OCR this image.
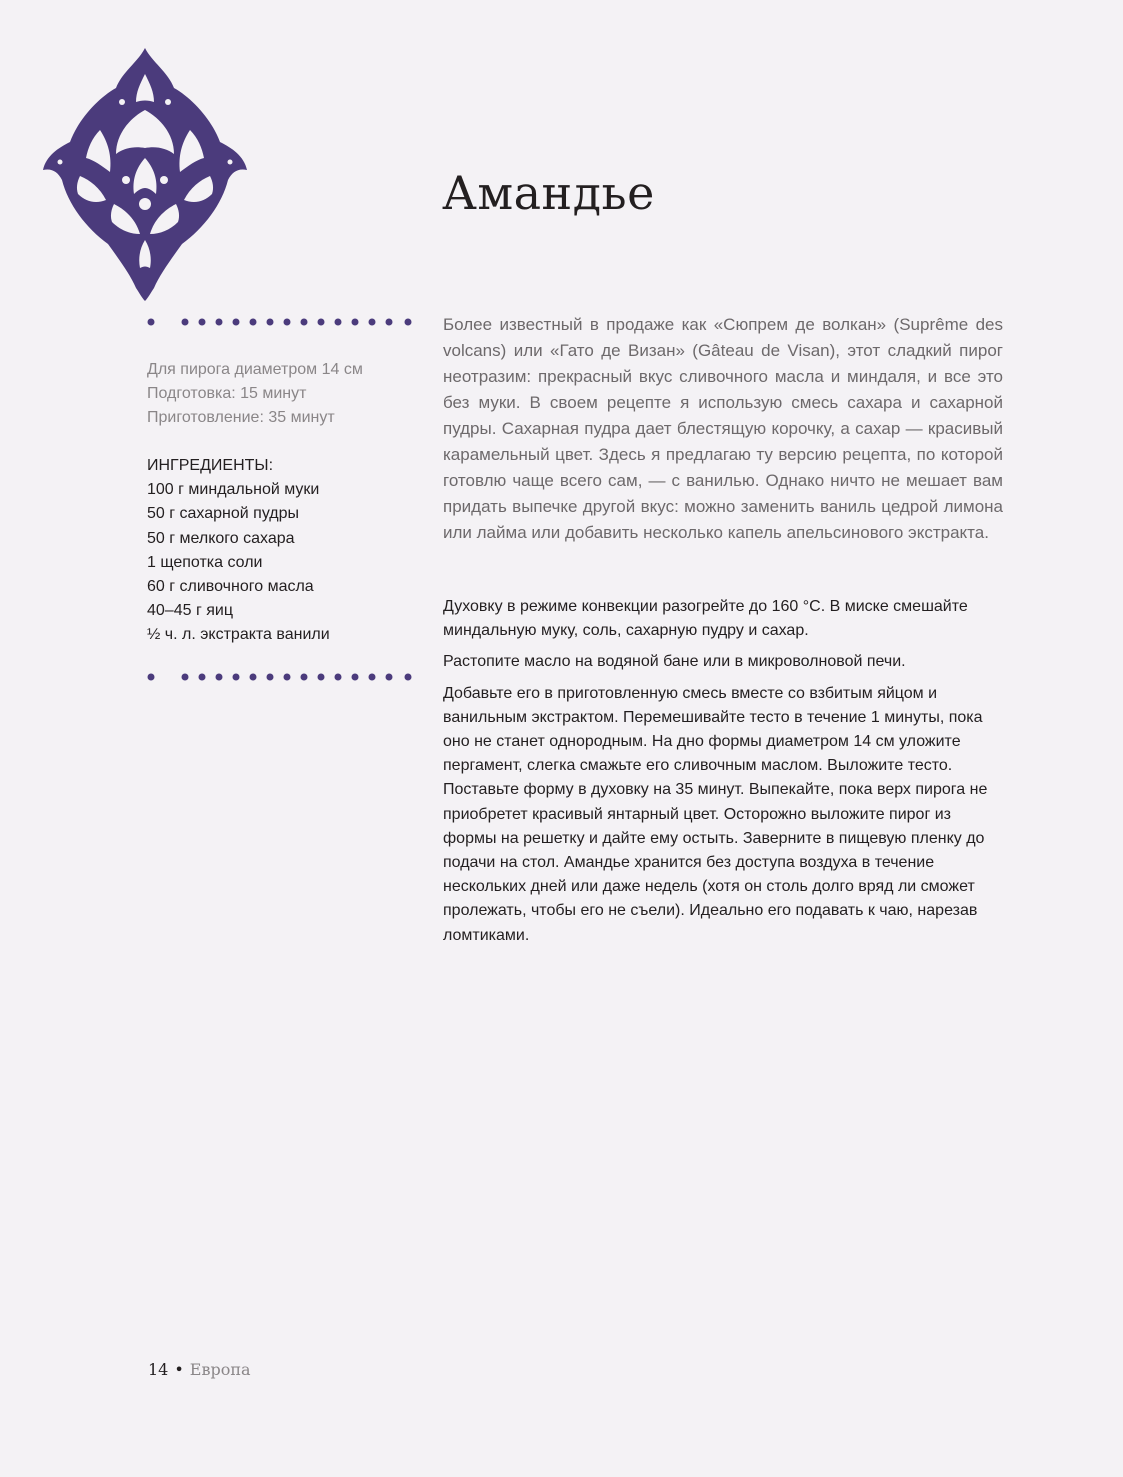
Амандье
Для пирога диаметром 14 см
Подготовка: 15 минут
Приготовление: 35 минут
ИНГРЕДИЕНТЫ:
100 г миндальной муки
50 г сахарной пудры
50 г мелкого сахара
1 щепотка соли
60 г сливочного масла
40–45 г яиц
½ ч. л. экстракта ванили

Более известный в продаже как «Сюпрем де волкан» (Suprême des volcans) или «Гато де Визан» (Gâteau de Visan), этот сладкий пирог неотразим: прекрасный вкус сливочного масла и миндаля, и все это без муки. В своем рецепте я использую смесь сахара и сахарной пудры. Сахарная пудра дает блестящую корочку, а сахар — красивый карамельный цвет. Здесь я предлагаю ту версию рецепта, по которой готовлю чаще всего сам, — с ванилью. Однако ничто не мешает вам придать выпечке другой вкус: можно заменить ваниль цедрой лимона или лайма или добавить несколько капель апельсинового экстракта.

Духовку в режиме конвекции разогрейте до 160 °C. В миске смешайте миндальную муку, соль, сахарную пудру и сахар.

Растопите масло на водяной бане или в микроволновой печи.

Добавьте его в приготовленную смесь вместе со взбитым яйцом и ванильным экстрактом. Перемешивайте тесто в течение 1 минуты, пока оно не станет однородным. На дно формы диаметром 14 см уложите пергамент, слегка смажьте его сливочным маслом. Выложите тесто. Поставьте форму в духовку на 35 минут. Выпекайте, пока верх пирога не приобретет красивый янтарный цвет. Осторожно выложите пирог из формы на решетку и дайте ему остыть. Заверните в пищевую пленку до подачи на стол. Амандье хранится без доступа воздуха в течение нескольких дней или даже недель (хотя он столь долго вряд ли сможет пролежать, чтобы его не съели). Идеально его подавать к чаю, нарезав ломтиками.

14 • Европа
